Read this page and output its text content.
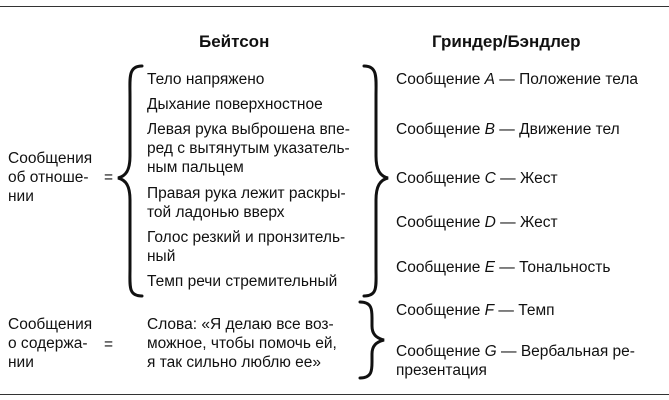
Бейтсон	Гриндер/Бэндлер
Сообщения
об отноше-
нии
=
Сообщения
о содержа-
нии
=
Тело напряжено
Дыхание поверхностное
Левая рука выброшена впе-
ред с вытянутым указатель-
ным пальцем
Правая рука лежит раскры-
той ладонью вверх
Голос резкий и пронзитель-
ный
Темп речи стремительный
Слова: «Я делаю все воз-
можное, чтобы помочь ей,
я так сильно люблю ее»
Сообщение A — Положение тела
Сообщение B — Движение тел
Сообщение C — Жест
Сообщение D — Жест
Сообщение E — Тональность
Сообщение F — Темп
Сообщение G — Вербальная ре-
презентация
